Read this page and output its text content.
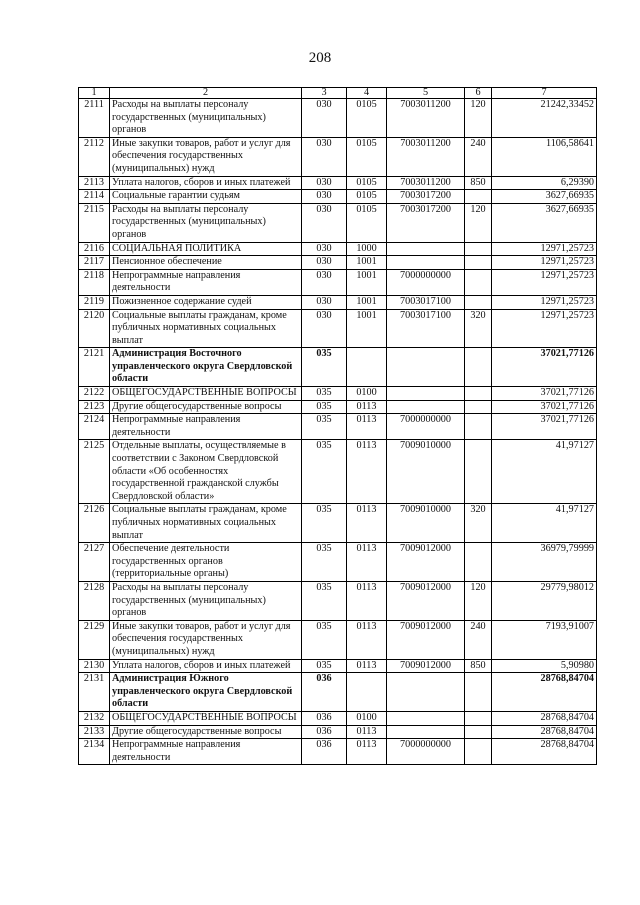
208
1	2	3	4	5	6	7
2111	Расходы на выплаты персоналу государственных (муниципальных) органов	030	0105	7003011200	120	21242,33452
2112	Иные закупки товаров, работ и услуг для обеспечения государственных (муниципальных) нужд	030	0105	7003011200	240	1106,58641
2113	Уплата налогов, сборов и иных платежей	030	0105	7003011200	850	6,29390
2114	Социальные гарантии судьям	030	0105	7003017200		3627,66935
2115	Расходы на выплаты персоналу государственных (муниципальных) органов	030	0105	7003017200	120	3627,66935
2116	СОЦИАЛЬНАЯ ПОЛИТИКА	030	1000			12971,25723
2117	Пенсионное обеспечение	030	1001			12971,25723
2118	Непрограммные направления деятельности	030	1001	7000000000		12971,25723
2119	Пожизненное содержание судей	030	1001	7003017100		12971,25723
2120	Социальные выплаты гражданам, кроме публичных нормативных социальных выплат	030	1001	7003017100	320	12971,25723
2121	Администрация Восточного управленческого округа Свердловской области	035				37021,77126
2122	ОБЩЕГОСУДАРСТВЕННЫЕ ВОПРОСЫ	035	0100			37021,77126
2123	Другие общегосударственные вопросы	035	0113			37021,77126
2124	Непрограммные направления деятельности	035	0113	7000000000		37021,77126
2125	Отдельные выплаты, осуществляемые в соответствии с Законом Свердловской области «Об особенностях государственной гражданской службы Свердловской области»	035	0113	7009010000		41,97127
2126	Социальные выплаты гражданам, кроме публичных нормативных социальных выплат	035	0113	7009010000	320	41,97127
2127	Обеспечение деятельности государственных органов (территориальные органы)	035	0113	7009012000		36979,79999
2128	Расходы на выплаты персоналу государственных (муниципальных) органов	035	0113	7009012000	120	29779,98012
2129	Иные закупки товаров, работ и услуг для обеспечения государственных (муниципальных) нужд	035	0113	7009012000	240	7193,91007
2130	Уплата налогов, сборов и иных платежей	035	0113	7009012000	850	5,90980
2131	Администрация Южного управленческого округа Свердловской области	036				28768,84704
2132	ОБЩЕГОСУДАРСТВЕННЫЕ ВОПРОСЫ	036	0100			28768,84704
2133	Другие общегосударственные вопросы	036	0113			28768,84704
2134	Непрограммные направления деятельности	036	0113	7000000000		28768,84704
